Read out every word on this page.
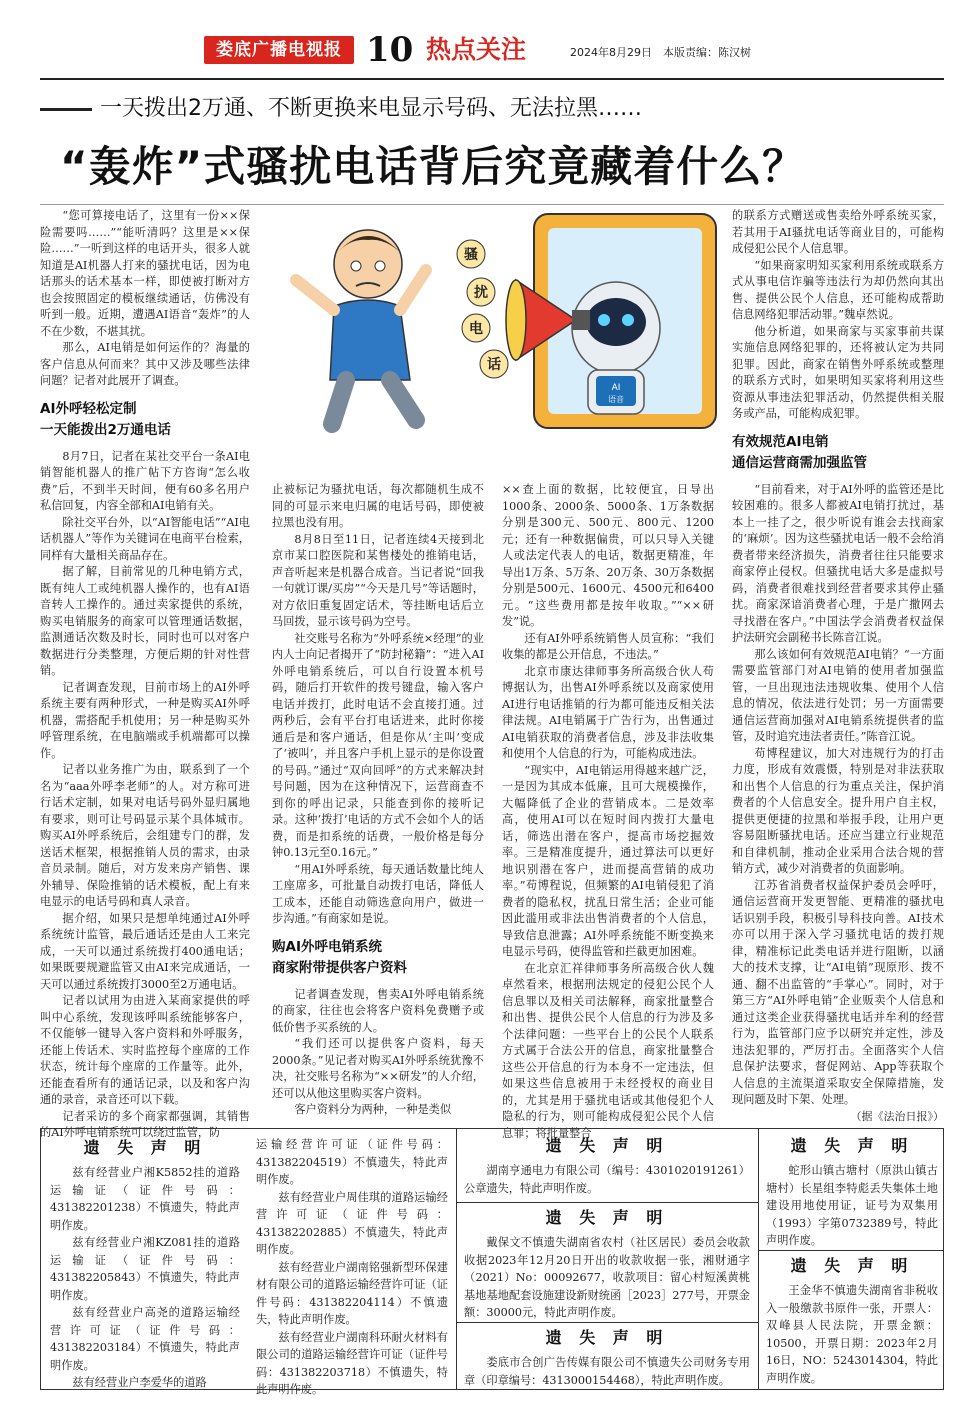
娄底广播电视报 10 热点关注	2024年8月29日　本版责编：陈汉树
一天拨出2万通、不断更换来电显示号码、无法拉黑……
“轰炸”式骚扰电话背后究竟藏着什么？
AI
语音
骚
扰
电
话

“您可算接电话了，这里有一份××保险需要吗……”“能听清吗？这里是××保险……”一听到这样的电话开头，很多人就知道是AI机器人打来的骚扰电话，因为电话那头的话术基本一样，即使被打断对方也会按照固定的模板继续通话，仿佛没有听到一般。近期，遭遇AI语音“轰炸”的人不在少数，不堪其扰。

那么，AI电销是如何运作的？海量的客户信息从何而来？其中又涉及哪些法律问题？记者对此展开了调查。

AI外呼轻松定制
一天能拨出2万通电话

8月7日，记者在某社交平台一条AI电销智能机器人的推广帖下方咨询“怎么收费”后，不到半天时间，便有60多名用户私信回复，内容全部和AI电销有关。

除社交平台外，以“AI智能电话”“AI电话机器人”等作为关键词在电商平台检索，同样有大量相关商品存在。

据了解，目前常见的几种电销方式，既有纯人工或纯机器人操作的，也有AI语音转人工操作的。通过卖家提供的系统，购买电销服务的商家可以管理通话数据，监测通话次数及时长，同时也可以对客户数据进行分类整理，方便后期的针对性营销。

记者调查发现，目前市场上的AI外呼系统主要有两种形式，一种是购买AI外呼机器，需搭配手机使用；另一种是购买外呼管理系统，在电脑端或手机端都可以操作。

记者以业务推广为由，联系到了一个名为“aaa外呼李老师”的人。对方称可进行话术定制，如果对电话号码外显归属地有要求，则可让号码显示某个具体城市。购买AI外呼系统后，会组建专门的群，发送话术框架，根据推销人员的需求，由录音员录制。随后，对方发来房产销售、课外辅导、保险推销的话术模板，配上有来电显示的电话号码和真人录音。

据介绍，如果只是想单纯通过AI外呼系统统计监管，最后通话还是由人工来完成，一天可以通过系统拨打400通电话；如果既要规避监管又由AI来完成通话，一天可以通过系统拨打3000至2万通电话。

记者以试用为由进入某商家提供的呼叫中心系统，发现该呼叫系统能够客户，不仅能够一键导入客户资料和外呼服务，还能上传话术、实时监控每个座席的工作状态，统计每个座席的工作量等。此外，还能查看所有的通话记录，以及和客户沟通的录音，录音还可以下载。

记者采访的多个商家都强调，其销售的AI外呼电销系统可以绕过监管，防

止被标记为骚扰电话，每次都随机生成不同的可显示来电归属的电话号码，即使被拉黑也没有用。

8月8日至11日，记者连续4天接到北京市某口腔医院和某售楼处的推销电话，声音听起来是机器合成音。当记者说“回我一句就订课/买房”“今天是几号”等话题时，对方依旧重复固定话术，等挂断电话后立马回拨，显示该号码为空号。

社交账号名称为“外呼系统×经理”的业内人士向记者揭开了“防封秘籍”：“进入AI外呼电销系统后，可以自行设置本机号码，随后打开软件的拨号键盘，输入客户电话并拨打，此时电话不会直接打通。过两秒后，会有平台打电话进来，此时你接通后是和客户通话，但是你从‘主叫’变成了‘被叫’，并且客户手机上显示的是你设置的号码。”通过“双向回呼”的方式来解决封号问题，因为在这种情况下，运营商查不到你的呼出记录，只能查到你的接听记录。这种‘拨打’电话的方式不会如个人的话费，而是扣系统的话费，一般价格是每分钟0.13元至0.16元。”

“用AI外呼系统，每天通话数量比纯人工座席多，可批量自动拨打电话，降低人工成本，还能自动筛选意向用户，做进一步沟通。”有商家如是说。

购AI外呼电销系统
商家附带提供客户资料

记者调查发现，售卖AI外呼电销系统的商家，往往也会将客户资料免费赠予或低价售予买系统的人。

“我们还可以提供客户资料，每天2000条。”见记者对购买AI外呼系统犹豫不决，社交账号名称为“××研发”的人介绍，还可以从他这里购买客户资料。

客户资料分为两种，一种是类似

××查上面的数据，比较便宜，日导出1000条、2000条、5000条、1万条数据分别是300元、500元、800元、1200元；还有一种数据偏贵，可以只导入关键人或法定代表人的电话，数据更精准，年导出1万条、5万条、20万条、30万条数据分别是500元、1600元、4500元和6400元。“这些费用都是按年收取。”“××研发”说。

还有AI外呼系统销售人员宣称：“我们收集的都是公开信息，不违法。”

北京市康达律师事务所高级合伙人苟博据认为，出售AI外呼系统以及商家使用AI进行电话推销的行为都可能违反相关法律法规。AI电销属于广告行为，出售通过AI电销获取的消费者信息，涉及非法收集和使用个人信息的行为，可能构成违法。

“现实中，AI电销运用得越来越广泛，一是因为其成本低廉，且可大规模操作，大幅降低了企业的营销成本。二是效率高，使用AI可以在短时间内拨打大量电话，筛选出潜在客户，提高市场挖掘效率。三是精准度提升，通过算法可以更好地识别潜在客户，进而提高营销的成功率。”苟博程说，但频繁的AI电销侵犯了消费者的隐私权，扰乱日常生活；企业可能因此滥用或非法出售消费者的个人信息，导致信息泄露；AI外呼系统能不断变换来电显示号码，使得监管和拦截更加困难。

在北京汇祥律师事务所高级合伙人魏卓然看来，根据刑法规定的侵犯公民个人信息罪以及相关司法解释，商家批量整合和出售、提供公民个人信息的行为涉及多个法律问题：一些平台上的公民个人联系方式属于合法公开的信息，商家批量整合这些公开信息的行为本身不一定违法，但如果这些信息被用于未经授权的商业目的，尤其是用于骚扰电话或其他侵犯个人隐私的行为，则可能构成侵犯公民个人信息罪；将批量整合

的联系方式赠送或售卖给外呼系统买家，若其用于AI骚扰电话等商业目的，可能构成侵犯公民个人信息罪。

“如果商家明知买家利用系统或联系方式从事电信诈骗等违法行为却仍然向其出售、提供公民个人信息，还可能构成帮助信息网络犯罪活动罪。”魏卓然说。

他分析道，如果商家与买家事前共谋实施信息网络犯罪的，还将被认定为共同犯罪。因此，商家在销售外呼系统或整理的联系方式时，如果明知买家将利用这些资源从事违法犯罪活动，仍然提供相关服务或产品，可能构成犯罪。

有效规范AI电销
通信运营商需加强监管

“目前看来，对于AI外呼的监管还是比较困难的。很多人都被AI电销打扰过，基本上一挂了之，很少听说有谁会去找商家的‘麻烦’。因为这些骚扰电话一般不会给消费者带来经济损失，消费者往往只能要求商家停止侵权。但骚扰电话大多是虚拟号码，消费者很难找到经营者要求其停止骚扰。商家深谙消费者心理，于是广撒网去寻找潜在客户。”中国法学会消费者权益保护法研究会副秘书长陈音江说。

那么该如何有效规范AI电销？“一方面需要监管部门对AI电销的使用者加强监管，一旦出现违法违规收集、使用个人信息的情况，依法进行处罚；另一方面需要通信运营商加强对AI电销系统提供者的监管，及时追究违法者责任。”陈音江说。

苟博程建议，加大对违规行为的打击力度，形成有效震慑，特别是对非法获取和出售个人信息的行为重点关注，保护消费者的个人信息安全。提升用户自主权，提供更便捷的拉黑和举报手段，让用户更容易阻断骚扰电话。还应当建立行业规范和自律机制，推动企业采用合法合规的营销方式，减少对消费者的负面影响。

江苏省消费者权益保护委员会呼吁，通信运营商开发更智能、更精准的骚扰电话识别手段，积极引导科技向善。AI技术亦可以用于深入学习骚扰电话的拨打规律，精准标记此类电话并进行阻断，以涵大的技术支撑，让“AI电销”现原形、拨不通、翻不出监管的“手掌心”。同时，对于第三方“AI外呼电销”企业贩卖个人信息和通过这类企业获得骚扰电话并牟利的经营行为，监管部门应予以研究并定性，涉及违法犯罪的，严厉打击。全面落实个人信息保护法要求，督促网站、App等获取个人信息的主流渠道采取安全保障措施，发现问题及时下架、处理。

（据《法治日报》）

遗 失 声 明

兹有经营业户湘K5852挂的道路运输证（证件号码：431382201238）不慎遗失，特此声明作废。

兹有经营业户湘KZ081挂的道路运输证（证件号码：431382205843）不慎遗失，特此声明作废。

兹有经营业户高尧的道路运输经营许可证（证件号码：431382203184）不慎遗失，特此声明作废。

兹有经营业户李爱华的道路

运输经营许可证（证件号码：431382204519）不慎遗失，特此声明作废。

兹有经营业户周佳琪的道路运输经营许可证（证件号码：431382202885）不慎遗失，特此声明作废。

兹有经营业户湖南铭强新型环保建材有限公司的道路运输经营许可证（证件号码：431382204114）不慎遗失，特此声明作废。

兹有经营业户湖南科环耐火材料有限公司的道路运输经营许可证（证件号码：431382203718）不慎遗失，特此声明作废。

遗 失 声 明

湖南亨通电力有限公司（编号：4301020191261）公章遗失，特此声明作废。

遗 失 声 明

戴保文不慎遗失湖南省农村（社区居民）委员会收款收据2023年12月20日开出的收款收据一张，湘财通字（2021）No：00092677，收款项目：留心村短溪黄桃基地基地配套设施建设新财统函［2023］277号，开票金额：30000元，特此声明作废。

遗 失 声 明

娄底市合创广告传媒有限公司不慎遗失公司财务专用章（印章编号：4313000154468），特此声明作废。

遗 失 声 明

蛇形山镇古塘村（原洪山镇古塘村）长星组李特彪丢失集体土地建设用地使用证，证号为双集用（1993）字第0732389号，特此声明作废。

遗 失 声 明

王金华不慎遗失湖南省非税收入一般缴款书原件一张，开票人：双峰县人民法院，开票金额：10500，开票日期：2023年2月16日，NO：5243014304，特此声明作废。
